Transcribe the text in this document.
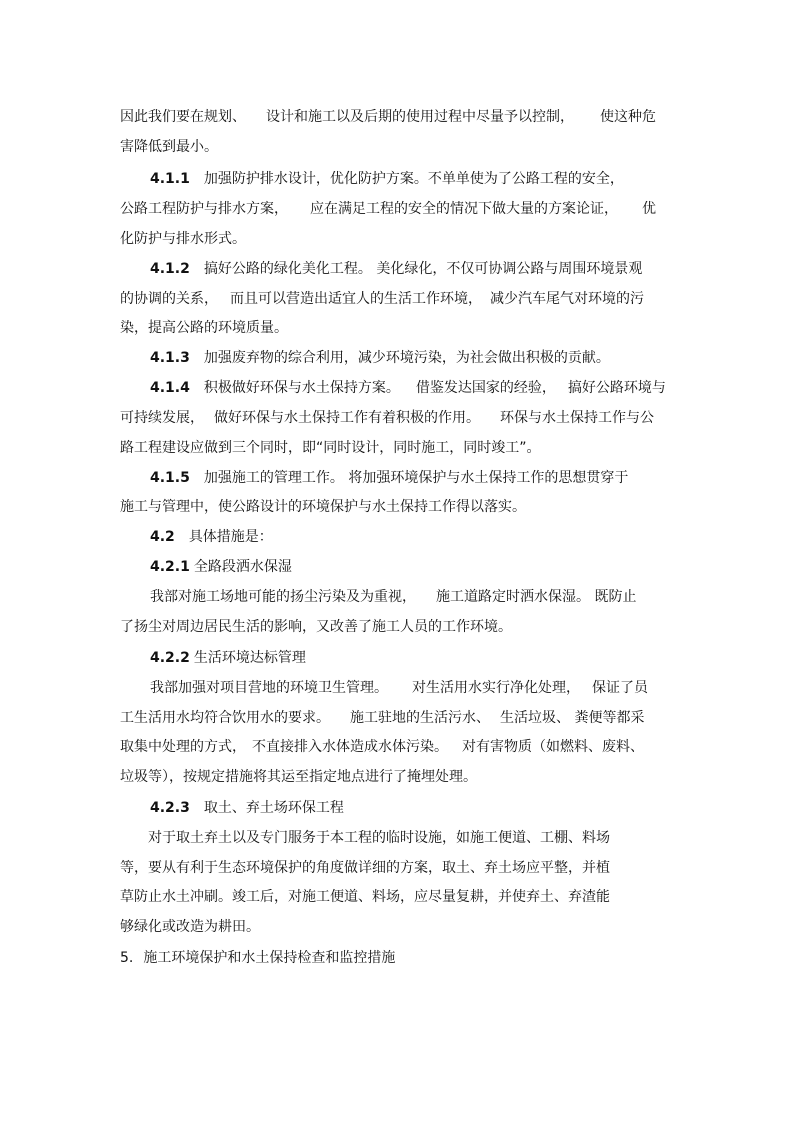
因此我们要在规划、 设计和施工以及后期的使用过程中尽量予以控制， 使这种危
害降低到最小。
4.1.1 加强防护排水设计，优化防护方案。不单单使为了公路工程的安全，
公路工程防护与排水方案， 应在满足工程的安全的情况下做大量的方案论证， 优
化防护与排水形式。
4.1.2 搞好公路的绿化美化工程。 美化绿化，不仅可协调公路与周围环境景观
的协调的关系， 而且可以营造出适宜人的生活工作环境， 减少汽车尾气对环境的污
染，提高公路的环境质量。
4.1.3 加强废弃物的综合利用，减少环境污染，为社会做出积极的贡献。
4.1.4 积极做好环保与水土保持方案。 借鉴发达国家的经验， 搞好公路环境与
可持续发展， 做好环保与水土保持工作有着积极的作用。 环保与水土保持工作与公
路工程建设应做到三个同时，即“同时设计，同时施工，同时竣工”。
4.1.5 加强施工的管理工作。 将加强环境保护与水土保持工作的思想贯穿于
施工与管理中，使公路设计的环境保护与水土保持工作得以落实。
4.2 具体措施是：
4.2.1 全路段洒水保湿
我部对施工场地可能的扬尘污染及为重视， 施工道路定时洒水保湿。 既防止
了扬尘对周边居民生活的影响，又改善了施工人员的工作环境。
4.2.2 生活环境达标管理
我部加强对项目营地的环境卫生管理。 对生活用水实行净化处理， 保证了员
工生活用水均符合饮用水的要求。 施工驻地的生活污水、 生活垃圾、 粪便等都采
取集中处理的方式， 不直接排入水体造成水体污染。 对有害物质（如燃料、废料、
垃圾等），按规定措施将其运至指定地点进行了掩埋处理。
4.2.3 取土、弃土场环保工程
对于取土弃土以及专门服务于本工程的临时设施，如施工便道、工棚、料场
等，要从有利于生态环境保护的角度做详细的方案，取土、弃土场应平整，并植
草防止水土冲刷。竣工后，对施工便道、料场，应尽量复耕，并使弃土、弃渣能
够绿化或改造为耕田。
5. 施工环境保护和水土保持检查和监控措施
